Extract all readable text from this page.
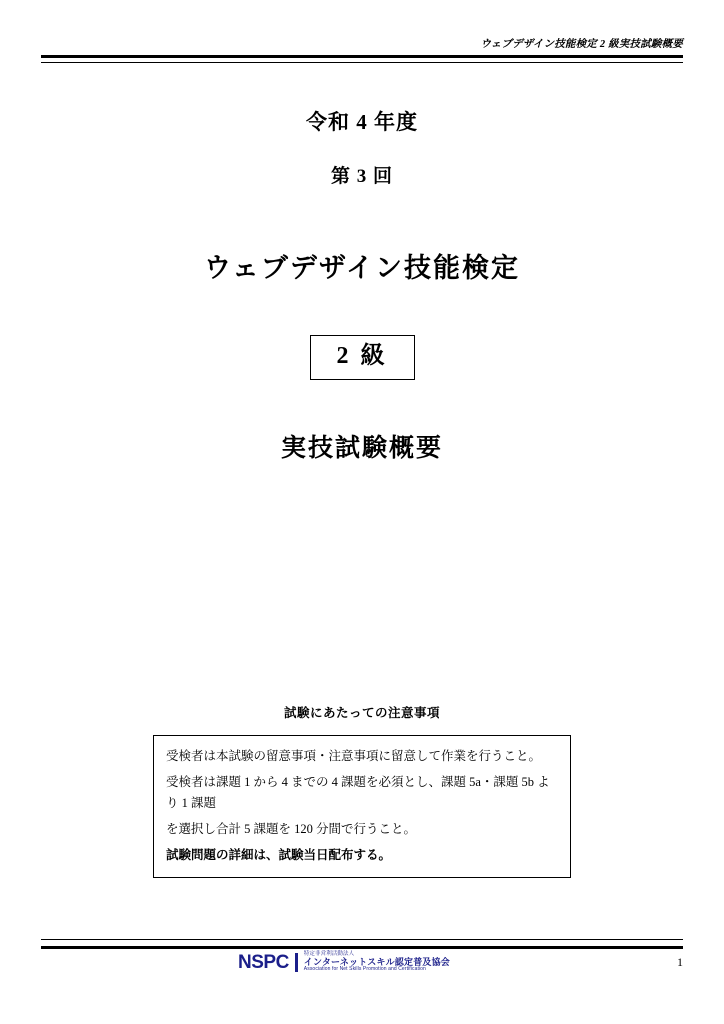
ウェブデザイン技能検定 2 級実技試験概要
令和 4 年度
第 3 回
ウェブデザイン技能検定
2 級
実技試験概要
試験にあたっての注意事項

受検者は本試験の留意事項・注意事項に留意して作業を行うこと。

受検者は課題 1 から 4 までの 4 課題を必須とし、課題 5a・課題 5b より 1 課題

を選択し合計 5 課題を 120 分間で行うこと。

試験問題の詳細は、試験当日配布する。

NSPC	特定非営利活動法人
インターネットスキル認定普及協会
Association for Net Skills Promotion and Certification
1
